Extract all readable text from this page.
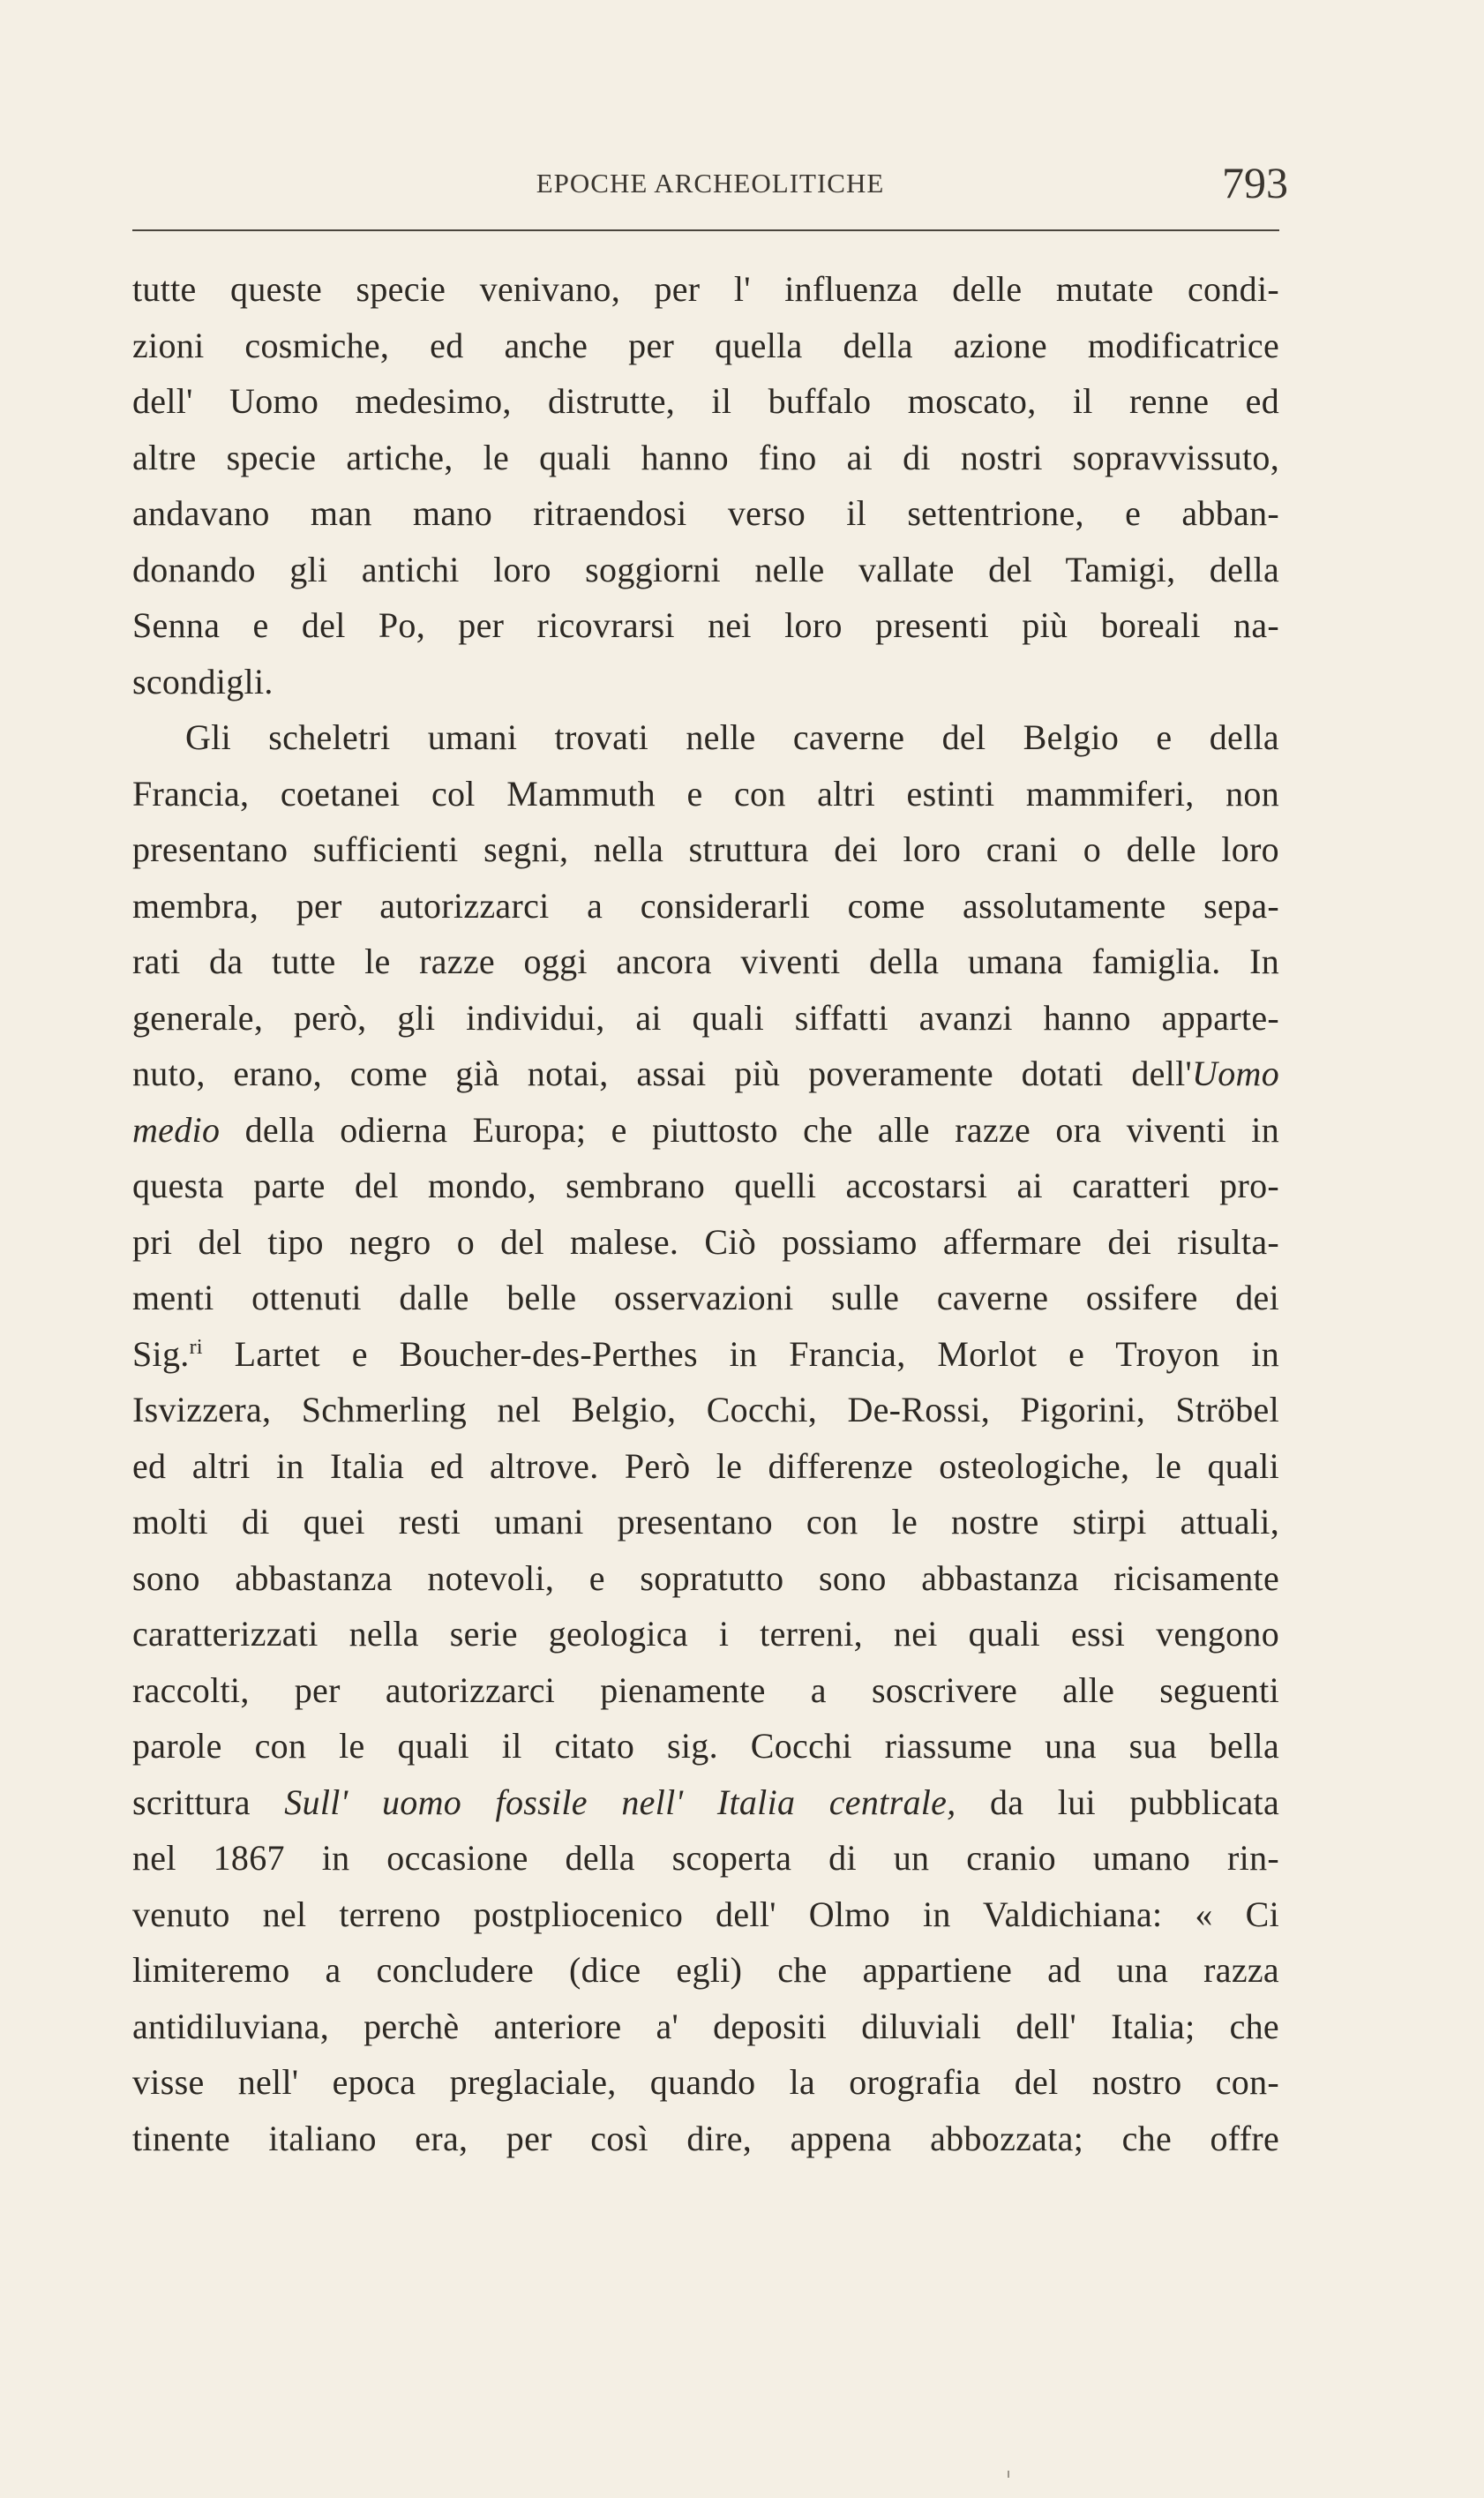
EPOCHE ARCHEOLITICHE	793
tutte queste specie venivano, per l' influenza delle mutate condi-
zioni cosmiche, ed anche per quella della azione modificatrice
dell' Uomo medesimo, distrutte, il buffalo moscato, il renne ed
altre specie artiche, le quali hanno fino ai di nostri sopravvissuto,
andavano man mano ritraendosi verso il settentrione, e abban-
donando gli antichi loro soggiorni nelle vallate del Tamigi, della
Senna e del Po, per ricovrarsi nei loro presenti più boreali na-
scondigli.
Gli scheletri umani trovati nelle caverne del Belgio e della
Francia, coetanei col Mammuth e con altri estinti mammiferi, non
presentano sufficienti segni, nella struttura dei loro crani o delle loro
membra, per autorizzarci a considerarli come assolutamente sepa-
rati da tutte le razze oggi ancora viventi della umana famiglia. In
generale, però, gli individui, ai quali siffatti avanzi hanno apparte-
nuto, erano, come già notai, assai più poveramente dotati dell'Uomo
medio della odierna Europa; e piuttosto che alle razze ora viventi in
questa parte del mondo, sembrano quelli accostarsi ai caratteri pro-
pri del tipo negro o del malese. Ciò possiamo affermare dei risulta-
menti ottenuti dalle belle osservazioni sulle caverne ossifere dei
Sig.$^{ri}$ Lartet e Boucher-des-Perthes in Francia, Morlot e Troyon in
Isvizzera, Schmerling nel Belgio, Cocchi, De-Rossi, Pigorini, Ströbel
ed altri in Italia ed altrove. Però le differenze osteologiche, le quali
molti di quei resti umani presentano con le nostre stirpi attuali,
sono abbastanza notevoli, e sopratutto sono abbastanza ricisamente
caratterizzati nella serie geologica i terreni, nei quali essi vengono
raccolti, per autorizzarci pienamente a soscrivere alle seguenti
parole con le quali il citato sig. Cocchi riassume una sua bella
scrittura Sull' uomo fossile nell' Italia centrale, da lui pubblicata
nel 1867 in occasione della scoperta di un cranio umano rin-
venuto nel terreno postpliocenico dell' Olmo in Valdichiana: « Ci
limiteremo a concludere (dice egli) che appartiene ad una razza
antidiluviana, perchè anteriore a' depositi diluviali dell' Italia; che
visse nell' epoca preglaciale, quando la orografia del nostro con-
tinente italiano era, per così dire, appena abbozzata; che offre
